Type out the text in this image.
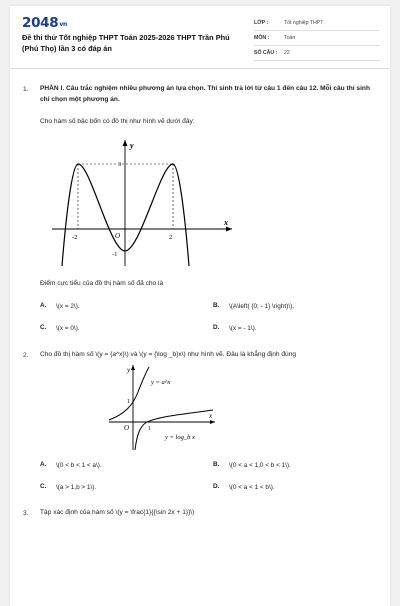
2048vn
Đề thi thử Tốt nghiệp THPT Toán 2025-2026 THPT Trần Phú (Phú Thọ) lần 3 có đáp án
LỚP :	Tốt nghiệp THPT
MÔN :	Toán
SỐ CÂU : 22
1. PHẦN I. Câu trắc nghiệm nhiều phương án lựa chọn. Thí sinh trả lời từ câu 1 đến câu 12. Mỗi câu thí sinh chỉ chọn một phương án.
Cho hàm số bậc bốn có đồ thị như hình vẽ dưới đây:
y
x
3
-2	2
O
-1
Điểm cực tiểu của đồ thị hàm số đã cho là
A. \(x = 2\).	B. \(A\left( {0; - 1} \right)\).
C. \(x = 0\).	D. \(x = - 1\).
2. Cho đồ thị hàm số \(y = {a^x}\) và \(y = {\log _b}x\) như hình vẽ. Đâu là khẳng định đúng
y
x
O	1
1
y = a^x
y = log_b x
A. \(0 < b < 1 < a\).	B. \(0 < a < 1,0 < b < 1\).
C. \(a > 1,b > 1\).	D. \(0 < a < 1 < b\).
3. Tập xác định của hàm số \(y = \frac{1}{{\sin 2x + 1}}\)
